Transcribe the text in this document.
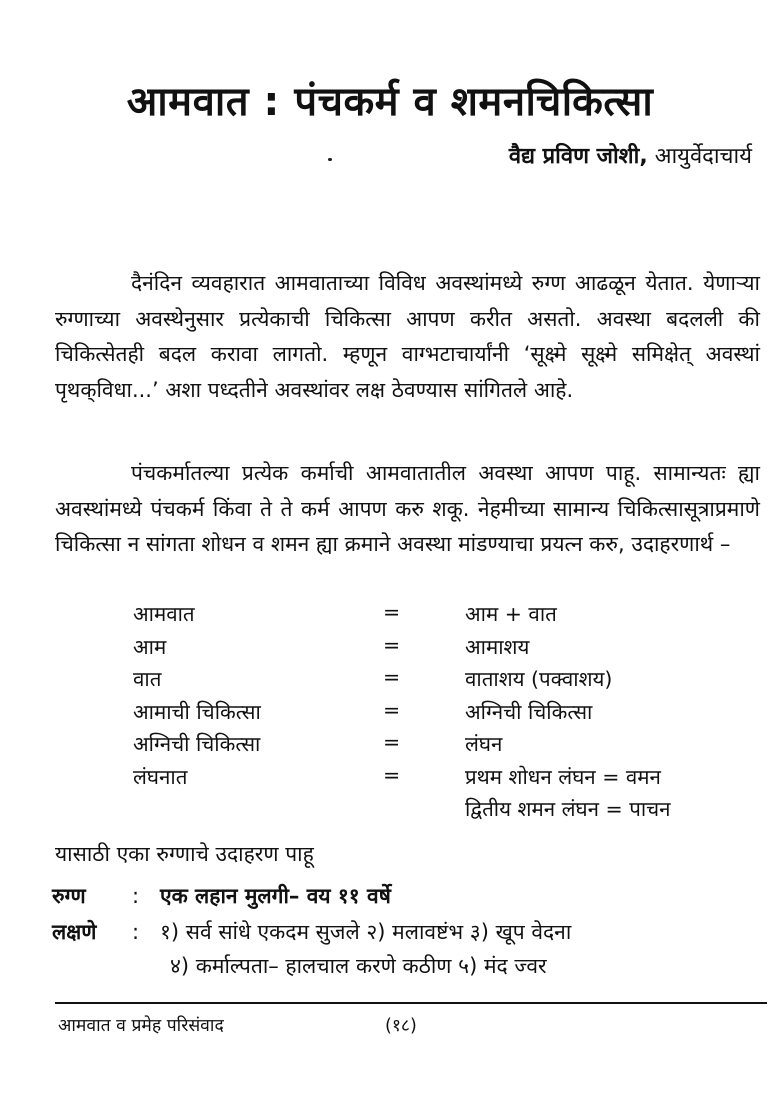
आमवात : पंचकर्म व शमनचिकित्सा
वैद्य प्रविण जोशी, आयुर्वेदाचार्य
दैनंदिन व्यवहारात आमवाताच्या विविध अवस्थांमध्ये रुग्ण आढळून येतात. येणाऱ्या रुग्णाच्या अवस्थेनुसार प्रत्येकाची चिकित्सा आपण करीत असतो. अवस्था बदलली की चिकित्सेतही बदल करावा लागतो. म्हणून वाग्भटाचार्यांनी ‘सूक्ष्मे सूक्ष्मे समिक्षेत् अवस्थां पृथक्‌विधा...’ अशा पध्दतीने अवस्थांवर लक्ष ठेवण्यास सांगितले आहे.
पंचकर्मातल्या प्रत्येक कर्माची आमवातातील अवस्था आपण पाहू. सामान्यतः ह्या अवस्थांमध्ये पंचकर्म किंवा ते ते कर्म आपण करु शकू. नेहमीच्या सामान्य चिकित्सासूत्राप्रमाणे चिकित्सा न सांगता शोधन व शमन ह्या क्रमाने अवस्था मांडण्याचा प्रयत्न करु, उदाहरणार्थ –
आमवात	=	आम + वात
आम	=	आमाशय
वात	=	वाताशय (पक्वाशय)
आमाची चिकित्सा	=	अग्निची चिकित्सा
अग्निची चिकित्सा	=	लंघन
लंघनात	=	प्रथम शोधन लंघन = वमन
द्वितीय शमन लंघन = पाचन
यासाठी एका रुग्णाचे उदाहरण पाहू
रुग्ण : एक लहान मुलगी– वय ११ वर्षे
लक्षणे : १) सर्व सांधे एकदम सुजले २) मलावष्टंभ ३) खूप वेदना
४) कर्माल्पता– हालचाल करणे कठीण ५) मंद ज्वर
आमवात व प्रमेह परिसंवाद	(१८)
